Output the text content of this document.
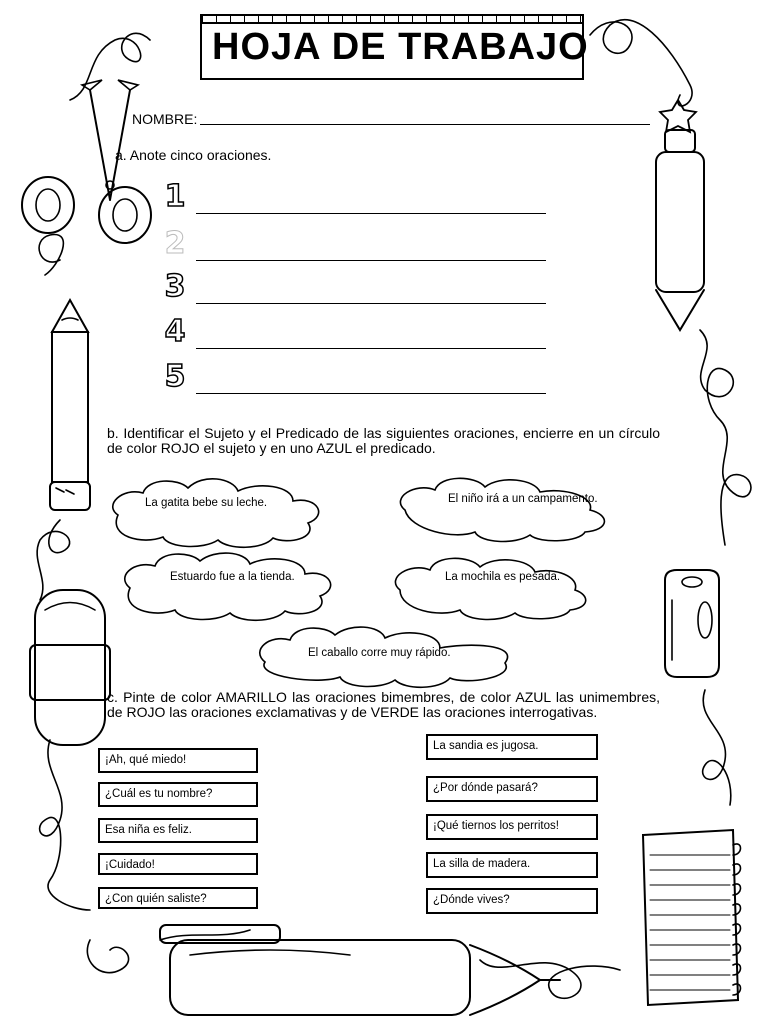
HOJA DE TRABAJO
NOMBRE:
a. Anote cinco oraciones.
1
2
3
4
5
b. Identificar el Sujeto y el Predicado de las siguientes oraciones, encierre en un círculo de color ROJO el sujeto y en uno AZUL el predicado.
La gatita bebe su leche.	El niño irá a un campamento.
Estuardo fue a la tienda.	La mochila es pesada.
El caballo corre muy rápido.
c. Pinte de color AMARILLO las oraciones bimembres, de color AZUL las unimembres, de ROJO las oraciones exclamativas y de VERDE las oraciones interrogativas.
¡Ah, qué miedo!
¿Cuál es tu nombre?
Esa niña es feliz.
¡Cuidado!
¿Con quién saliste?
La sandia es jugosa.
¿Por dónde pasará?
¡Qué tiernos los perritos!
La silla de madera.
¿Dónde vives?
